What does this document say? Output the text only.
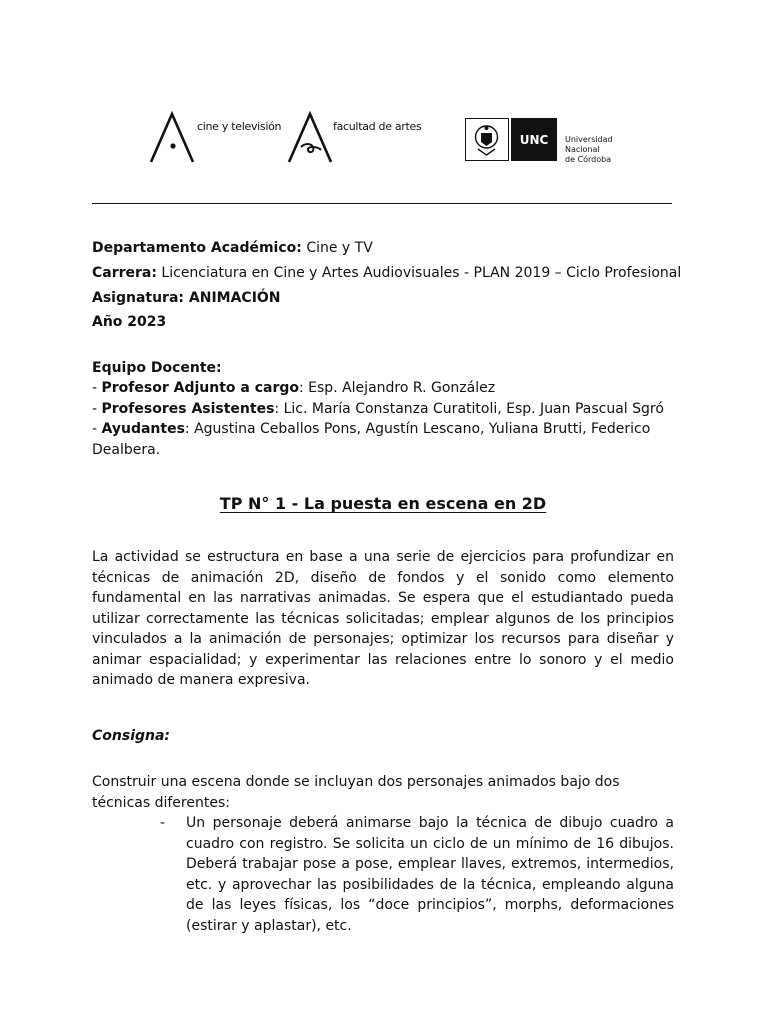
cine y televisión	facultad de artes
UNC	Universidad
Nacional
de Córdoba

Departamento Académico: Cine y TV

Carrera: Licenciatura en Cine y Artes Audiovisuales - PLAN 2019 – Ciclo Profesional

Asignatura: ANIMACIÓN

Año 2023

Equipo Docente:

- Profesor Adjunto a cargo: Esp. Alejandro R. González

- Profesores Asistentes: Lic. María Constanza Curatitoli, Esp. Juan Pascual Sgró

- Ayudantes: Agustina Ceballos Pons, Agustín Lescano, Yuliana Brutti, Federico Dealbera.

TP N° 1 - La puesta en escena en 2D

La actividad se estructura en base a una serie de ejercicios para profundizar en técnicas de animación 2D, diseño de fondos y el sonido como elemento fundamental en las narrativas animadas. Se espera que el estudiantado pueda utilizar correctamente las técnicas solicitadas; emplear algunos de los principios vinculados a la animación de personajes; optimizar los recursos para diseñar y animar espacialidad; y experimentar las relaciones entre lo sonoro y el medio animado de manera expresiva.

Consigna:

Construir una escena donde se incluyan dos personajes animados bajo dos técnicas diferentes:

- Un personaje deberá animarse bajo la técnica de dibujo cuadro a cuadro con registro. Se solicita un ciclo de un mínimo de 16 dibujos. Deberá trabajar pose a pose, emplear llaves, extremos, intermedios, etc. y aprovechar las posibilidades de la técnica, empleando alguna de las leyes físicas, los “doce principios”, morphs, deformaciones (estirar y aplastar), etc.
